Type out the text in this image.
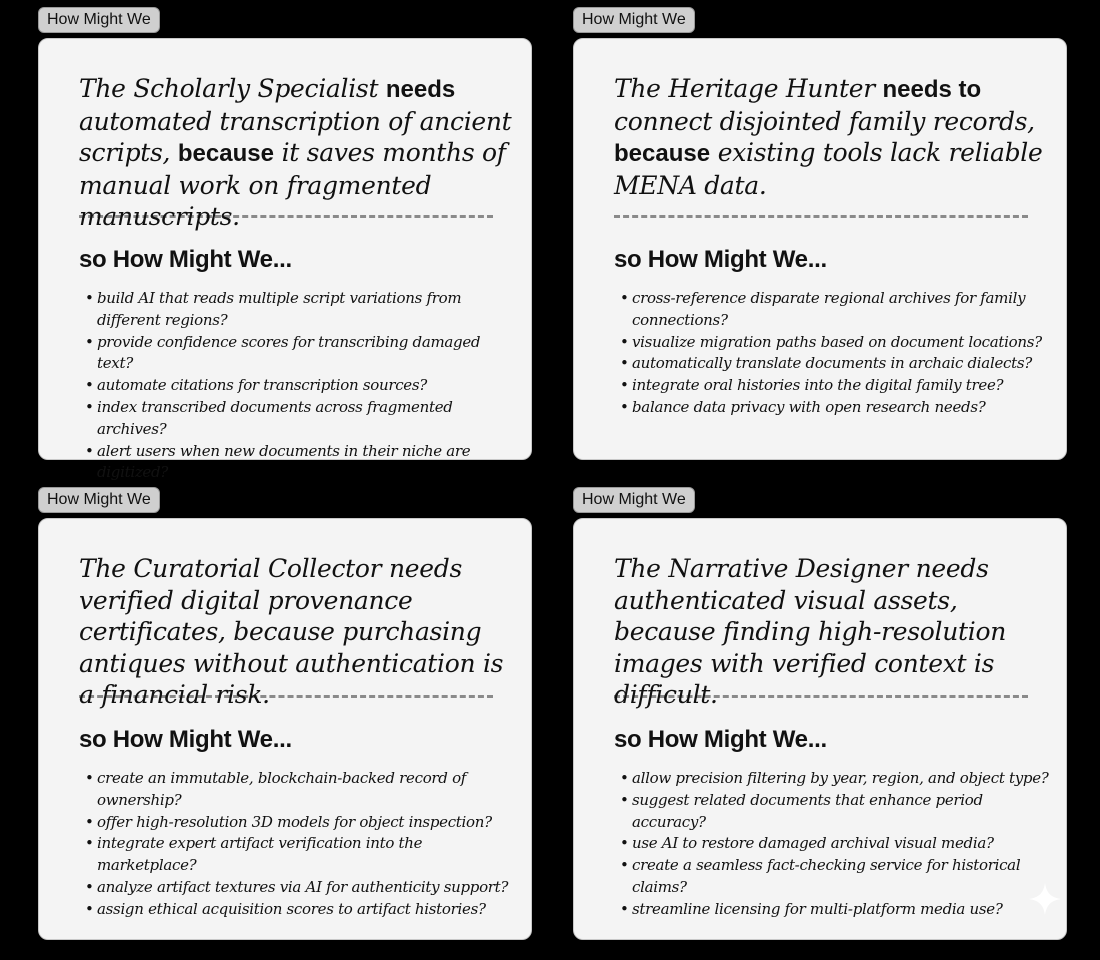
How Might We
The Scholarly Specialist needs automated transcription of ancient scripts, because it saves months of manual work on fragmented manuscripts.
so How Might We...
• build AI that reads multiple script variations from different regions?
• provide confidence scores for transcribing damaged text?
• automate citations for transcription sources?
• index transcribed documents across fragmented archives?
• alert users when new documents in their niche are digitized?
How Might We
The Heritage Hunter needs to connect disjointed family records, because existing tools lack reliable MENA data.
so How Might We...
• cross-reference disparate regional archives for family connections?
• visualize migration paths based on document locations?
• automatically translate documents in archaic dialects?
• integrate oral histories into the digital family tree?
• balance data privacy with open research needs?
How Might We
The Curatorial Collector needs verified digital provenance certificates, because purchasing antiques without authentication is a financial risk.
so How Might We...
• create an immutable, blockchain-backed record of ownership?
• offer high-resolution 3D models for object inspection?
• integrate expert artifact verification into the marketplace?
• analyze artifact textures via AI for authenticity support?
• assign ethical acquisition scores to artifact histories?
How Might We
The Narrative Designer needs authenticated visual assets, because finding high-resolution images with verified context is difficult.
so How Might We...
• allow precision filtering by year, region, and object type?
• suggest related documents that enhance period accuracy?
• use AI to restore damaged archival visual media?
• create a seamless fact-checking service for historical claims?
• streamline licensing for multi-platform media use?
